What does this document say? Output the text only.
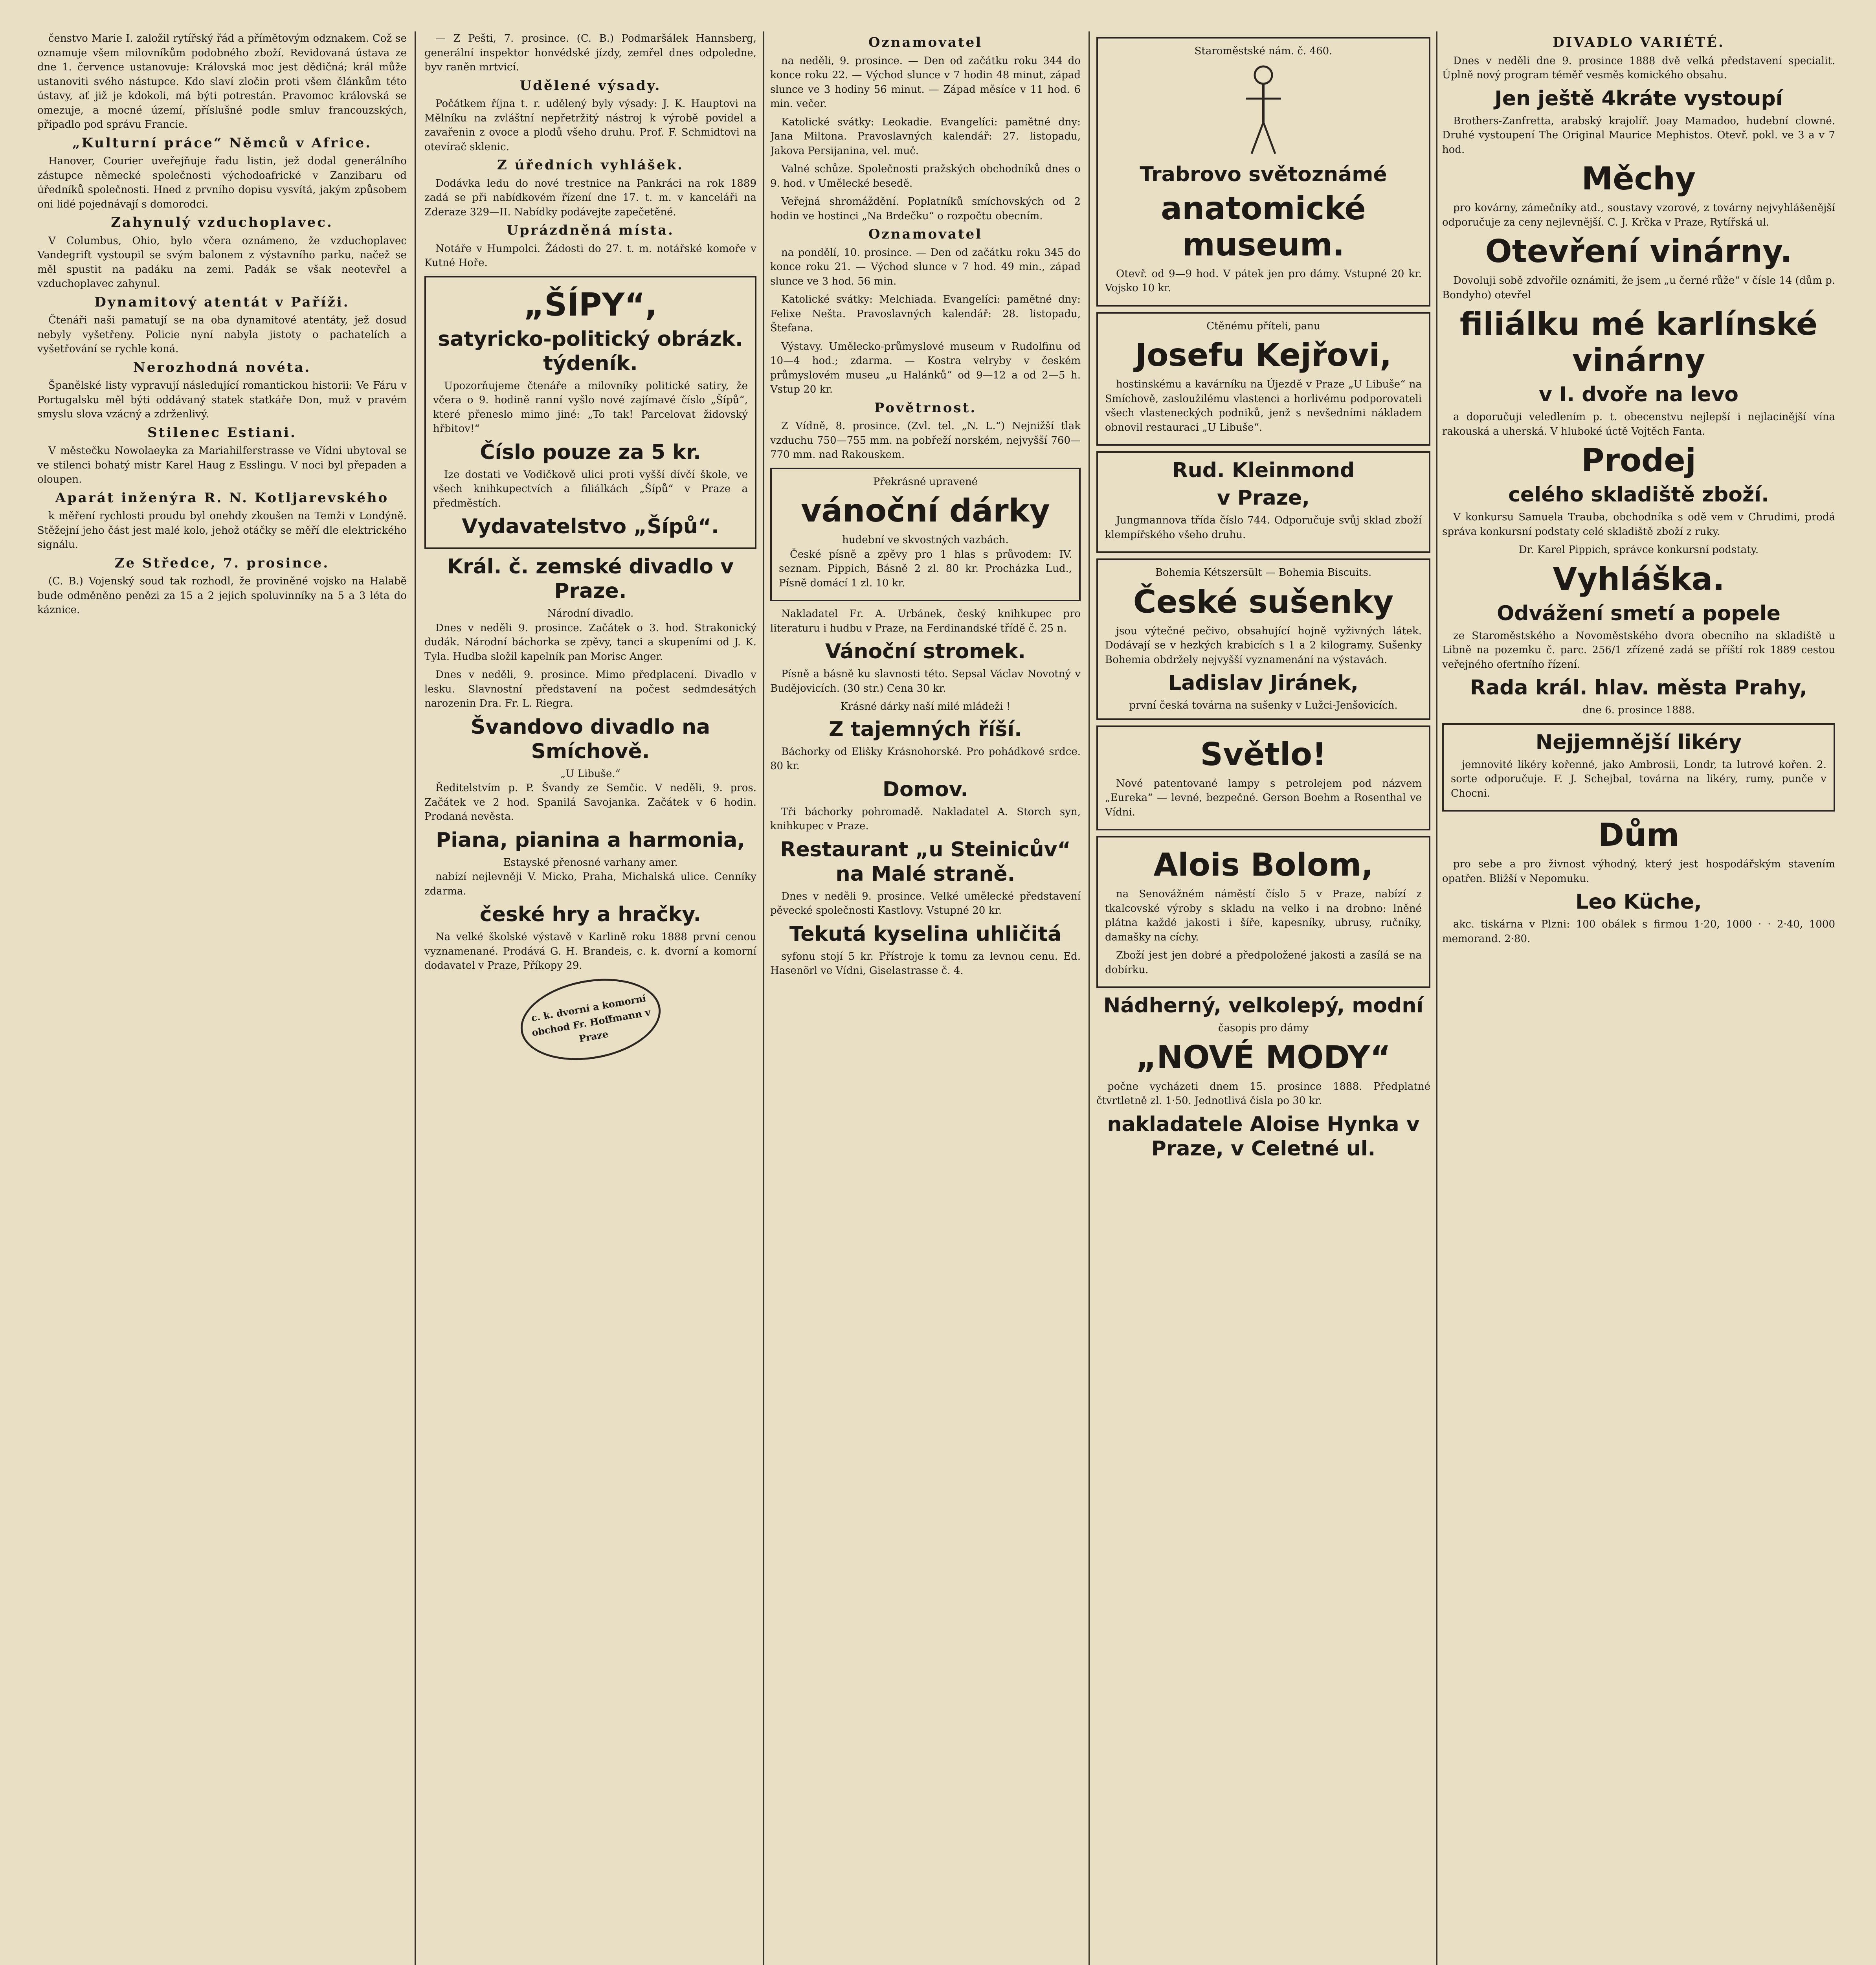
čenstvo Marie I. založil rytířský řád a přímětovým odznakem. Což se oznamuje všem milovníkům podobného zboží. Revidovaná ústava ze dne 1. července ustanovuje: Královská moc jest dědičná; král může ustanoviti svého nástupce. Kdo slaví zločin proti všem článkům této ústavy, ať již je kdokoli, má býti potrestán. Pravomoc královská se omezuje, a mocné území, příslušné podle smluv francouzských, připadlo pod správu Francie.

„Kulturní práce“ Němců v Africe.

Hanover, Courier uveřejňuje řadu listin, jež dodal generálního zástupce německé společnosti východoafrické v Zanzibaru od úředníků společnosti. Hned z prvního dopisu vysvítá, jakým způsobem oni lidé pojednávají s domorodci.

Zahynulý vzduchoplavec.

V Columbus, Ohio, bylo včera oznámeno, že vzduchoplavec Vandegrift vystoupil se svým balonem z výstavního parku, načež se měl spustit na padáku na zemi. Padák se však neotevřel a vzduchoplavec zahynul.

Dynamitový atentát v Paříži.

Čtenáři naši pamatují se na oba dynamitové atentáty, jež dosud nebyly vyšetřeny. Policie nyní nabyla jistoty o pachatelích a vyšetřování se rychle koná.

Nerozhodná novéta.

Španělské listy vypravují následující romantickou historii: Ve Fáru v Portugalsku měl býti oddávaný statek statkáře Don, muž v pravém smyslu slova vzácný a zdrženlivý.

Stilenec Estiani.

V městečku Nowolaeyka za Mariahilferstrasse ve Vídni ubytoval se ve stilenci bohatý mistr Karel Haug z Esslingu. V noci byl přepaden a oloupen.

Aparát inženýra R. N. Kotljarevského

k měření rychlosti proudu byl onehdy zkoušen na Temži v Londýně. Stěžejní jeho část jest malé kolo, jehož otáčky se měří dle elektrického signálu.

Ze Středce, 7. prosince.

(C. B.) Vojenský soud tak rozhodl, že proviněné vojsko na Halabě bude odměněno penězi za 15 a 2 jejich spoluvinníky na 5 a 3 léta do káznice.

— Z Pešti, 7. prosince. (C. B.) Podmaršálek Hannsberg, generální inspektor honvédské jízdy, zemřel dnes odpoledne, byv raněn mrtvicí.

Udělené výsady.

Počátkem října t. r. udělený byly výsady: J. K. Hauptovi na Mělníku na zvláštní nepřetržitý nástroj k výrobě povidel a zavařenin z ovoce a plodů všeho druhu. Prof. F. Schmidtovi na otevírač sklenic.

Z úředních vyhlášek.

Dodávka ledu do nové trestnice na Pankráci na rok 1889 zadá se při nabídkovém řízení dne 17. t. m. v kanceláři na Zderaze 329—II. Nabídky podávejte zapečetěné.

Uprázdněná místa.

Notáře v Humpolci. Žádosti do 27. t. m. notářské komoře v Kutné Hoře.

„ŠÍPY“,
satyricko-politický obrázk. týdeník.

Upozorňujeme čtenáře a milovníky politické satiry, že včera o 9. hodině ranní vyšlo nové zajímavé číslo „Šípů“, které přeneslo mimo jiné: „To tak! Parcelovat židovský hřbitov!“

Číslo pouze za 5 kr.

Ize dostati ve Vodičkově ulici proti vyšší dívčí škole, ve všech knihkupectvích a filiálkách „Šípů“ v Praze a předměstích.

Vydavatelstvo „Šípů“.
Král. č. zemské divadlo v Praze.
Národní divadlo.

Dnes v neděli 9. prosince. Začátek o 3. hod. Strakonický dudák. Národní báchorka se zpěvy, tanci a skupeními od J. K. Tyla. Hudba složil kapelník pan Morisc Anger.

Dnes v neděli, 9. prosince. Mimo předplacení. Divadlo v lesku. Slavnostní představení na počest sedmdesátých narozenin Dra. Fr. L. Riegra.

Švandovo divadlo na Smíchově.
„U Libuše.“

Ředitelstvím p. P. Švandy ze Semčic. V neděli, 9. pros. Začátek ve 2 hod. Spanilá Savojanka. Začátek v 6 hodin. Prodaná nevěsta.

Piana, pianina a harmonia,
Estayské přenosné varhany amer.

nabízí nejlevněji V. Micko, Praha, Michalská ulice. Cenníky zdarma.

české hry a hračky.

Na velké školské výstavě v Karlině roku 1888 první cenou vyznamenané. Prodává G. H. Brandeis, c. k. dvorní a komorní dodavatel v Praze, Příkopy 29.

c. k. dvorní a komorní obchod Fr. Hoffmann v Praze
Oznamovatel

na neděli, 9. prosince. — Den od začátku roku 344 do konce roku 22. — Východ slunce v 7 hodin 48 minut, západ slunce ve 3 hodiny 56 minut. — Západ měsíce v 11 hod. 6 min. večer.

Katolické svátky: Leokadie. Evangelíci: pamětné dny: Jana Miltona. Pravoslavných kalendář: 27. listopadu, Jakova Persijanina, vel. muč.

Valné schůze. Společnosti pražských obchodníků dnes o 9. hod. v Umělecké besedě.

Veřejná shromáždění. Poplatníků smíchovských od 2 hodin ve hostinci „Na Brdečku“ o rozpočtu obecním.

Oznamovatel

na pondělí, 10. prosince. — Den od začátku roku 345 do konce roku 21. — Východ slunce v 7 hod. 49 min., západ slunce ve 3 hod. 56 min.

Katolické svátky: Melchiada. Evangelíci: pamětné dny: Felixe Nešta. Pravoslavných kalendář: 28. listopadu, Štefana.

Výstavy. Umělecko-průmyslové museum v Rudolfinu od 10—4 hod.; zdarma. — Kostra velryby v českém průmyslovém museu „u Halánků“ od 9—12 a od 2—5 h. Vstup 20 kr.

Povětrnost.

Z Vídně, 8. prosince. (Zvl. tel. „N. L.“) Nejnižší tlak vzduchu 750—755 mm. na pobřeží norském, nejvyšší 760—770 mm. nad Rakouskem.

Překrásné upravené
vánoční dárky
hudební ve skvostných vazbách.

České písně a zpěvy pro 1 hlas s průvodem: IV. seznam. Pippich, Básně 2 zl. 80 kr. Procházka Lud., Písně domácí 1 zl. 10 kr.

Nakladatel Fr. A. Urbánek, český knihkupec pro literaturu i hudbu v Praze, na Ferdinandské třídě č. 25 n.

Vánoční stromek.

Písně a básně ku slavnosti této. Sepsal Václav Novotný v Budějovicích. (30 str.) Cena 30 kr.

Krásné dárky naší milé mládeži !
Z tajemných říší.

Báchorky od Elišky Krásnohorské. Pro pohádkové srdce. 80 kr.

Domov.

Tři báchorky pohromadě. Nakladatel A. Storch syn, knihkupec v Praze.

Restaurant „u Steinicův“ na Malé straně.

Dnes v neděli 9. prosince. Velké umělecké představení pěvecké společnosti Kastlovy. Vstupné 20 kr.

Tekutá kyselina uhličitá

syfonu stojí 5 kr. Přístroje k tomu za levnou cenu. Ed. Hasenörl ve Vídni, Giselastrasse č. 4.

Staroměstské nám. č. 460.
Trabrovo světoznámé
anatomické museum.

Otevř. od 9—9 hod. V pátek jen pro dámy. Vstupné 20 kr. Vojsko 10 kr.

Ctěnému příteli, panu
Josefu Kejřovi,

hostinskému a kavárníku na Újezdě v Praze „U Libuše“ na Smíchově, zasloužilému vlastenci a horlivému podporovateli všech vlasteneckých podniků, jenž s nevšedními nákladem obnovil restauraci „U Libuše“.

Rud. Kleinmond
v Praze,

Jungmannova třída číslo 744. Odporučuje svůj sklad zboží klempířského všeho druhu.

Bohemia Kétszersült — Bohemia Biscuits.
České sušenky

jsou výtečné pečivo, obsahující hojně vyživných látek. Dodávají se v hezkých krabicích s 1 a 2 kilogramy. Sušenky Bohemia obdržely nejvyšší vyznamenání na výstavách.

Ladislav Jiránek,
první česká továrna na sušenky v Lužci-Jenšovicích.
Světlo!

Nové patentované lampy s petrolejem pod názvem „Eureka“ — levné, bezpečné. Gerson Boehm a Rosenthal ve Vídni.

Alois Bolom,

na Senovážném náměstí číslo 5 v Praze, nabízí z tkalcovské výroby s skladu na velko i na drobno: lněné plátna každé jakosti i šíře, kapesníky, ubrusy, ručníky, damašky na cíchy.

Zboží jest jen dobré a předpoložené jakosti a zasílá se na dobírku.

Nádherný, velkolepý, modní
časopis pro dámy
„NOVÉ MODY“

počne vycházeti dnem 15. prosince 1888. Předplatné čtvrtletně zl. 1·50. Jednotlivá čísla po 30 kr.

nakladatele Aloise Hynka v Praze, v Celetné ul.
DIVADLO VARIÉTÉ.

Dnes v neděli dne 9. prosince 1888 dvě velká představení specialit. Úplně nový program téměř vesměs komického obsahu.

Jen ještě 4kráte vystoupí

Brothers-Zanfretta, arabský krajolíř. Joay Mamadoo, hudební clowné. Druhé vystoupení The Original Maurice Mephistos. Otevř. pokl. ve 3 a v 7 hod.

Měchy

pro kovárny, zámečníky atd., soustavy vzorové, z továrny nejvyhlášenější odporučuje za ceny nejlevnější. C. J. Krčka v Praze, Rytířská ul.

Otevření vinárny.

Dovoluji sobě zdvořile oznámiti, že jsem „u černé růže“ v čísle 14 (dům p. Bondyho) otevřel

filiálku mé karlínské vinárny
v I. dvoře na levo

a doporučuji veledlením p. t. obecenstvu nejlepší i nejlacinější vína rakouská a uherská. V hluboké úctě Vojtěch Fanta.

Prodej
celého skladiště zboží.

V konkursu Samuela Trauba, obchodníka s odě vem v Chrudimi, prodá správa konkursní podstaty celé skladiště zboží z ruky.

Dr. Karel Pippich, správce konkursní podstaty.
Vyhláška.
Odvážení smetí a popele

ze Staroměstského a Novoměstského dvora obecního na skladiště u Libně na pozemku č. parc. 256/1 zřízené zadá se příští rok 1889 cestou veřejného ofertního řízení.

Rada král. hlav. města Prahy,
dne 6. prosince 1888.
Nejjemnější likéry

jemnovité likéry kořenné, jako Ambrosii, Londr, ta lutrové kořen. 2. sorte odporučuje. F. J. Schejbal, továrna na likéry, rumy, punče v Chocni.

Dům

pro sebe a pro živnost výhodný, který jest hospodářským stavením opatřen. Bližší v Nepomuku.

Leo Küche,

akc. tiskárna v Plzni: 100 obálek s firmou 1·20, 1000 · · 2·40, 1000 memorand. 2·80.
